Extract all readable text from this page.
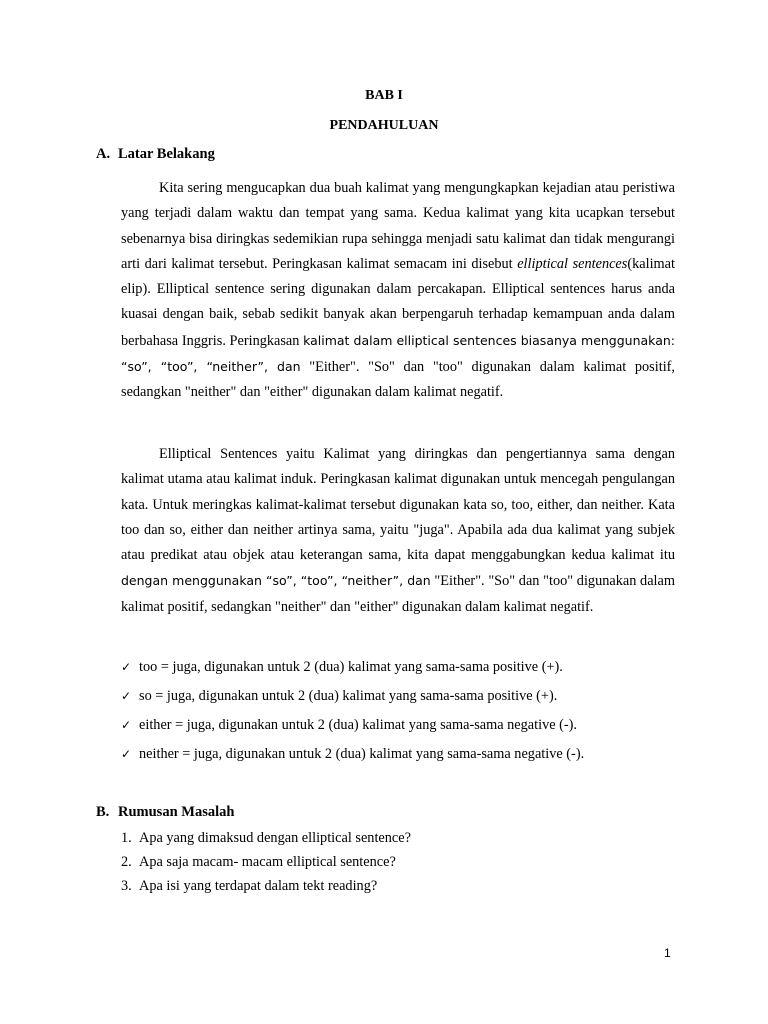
BAB I
PENDAHULUAN
A. Latar Belakang

Kita sering mengucapkan dua buah kalimat yang mengungkapkan kejadian atau peristiwa yang terjadi dalam waktu dan tempat yang sama. Kedua kalimat yang kita ucapkan tersebut sebenarnya bisa diringkas sedemikian rupa sehingga menjadi satu kalimat dan tidak mengurangi arti dari kalimat tersebut. Peringkasan kalimat semacam ini disebut elliptical sentences(kalimat elip). Elliptical sentence sering digunakan dalam percakapan. Elliptical sentences harus anda kuasai dengan baik, sebab sedikit banyak akan berpengaruh terhadap kemampuan anda dalam berbahasa Inggris. Peringkasan kalimat dalam elliptical sentences biasanya menggunakan: “so”, “too”, “neither”, dan "Either". "So" dan "too" digunakan dalam kalimat positif, sedangkan "neither" dan "either" digunakan dalam kalimat negatif.

Elliptical Sentences yaitu Kalimat yang diringkas dan pengertiannya sama dengan kalimat utama atau kalimat induk. Peringkasan kalimat digunakan untuk mencegah pengulangan kata. Untuk meringkas kalimat-kalimat tersebut digunakan kata so, too, either, dan neither. Kata too dan so, either dan neither artinya sama, yaitu "juga". Apabila ada dua kalimat yang subjek atau predikat atau objek atau keterangan sama, kita dapat menggabungkan kedua kalimat itu dengan menggunakan “so”, “too”, “neither”, dan "Either". "So" dan "too" digunakan dalam kalimat positif, sedangkan "neither" dan "either" digunakan dalam kalimat negatif.

✓ too = juga, digunakan untuk 2 (dua) kalimat yang sama-sama positive (+).
✓ so = juga, digunakan untuk 2 (dua) kalimat yang sama-sama positive (+).
✓ either = juga, digunakan untuk 2 (dua) kalimat yang sama-sama negative (-).
✓ neither = juga, digunakan untuk 2 (dua) kalimat yang sama-sama negative (-).
B. Rumusan Masalah
1. Apa yang dimaksud dengan elliptical sentence?
2. Apa saja macam- macam elliptical sentence?
3. Apa isi yang terdapat dalam tekt reading?
1
